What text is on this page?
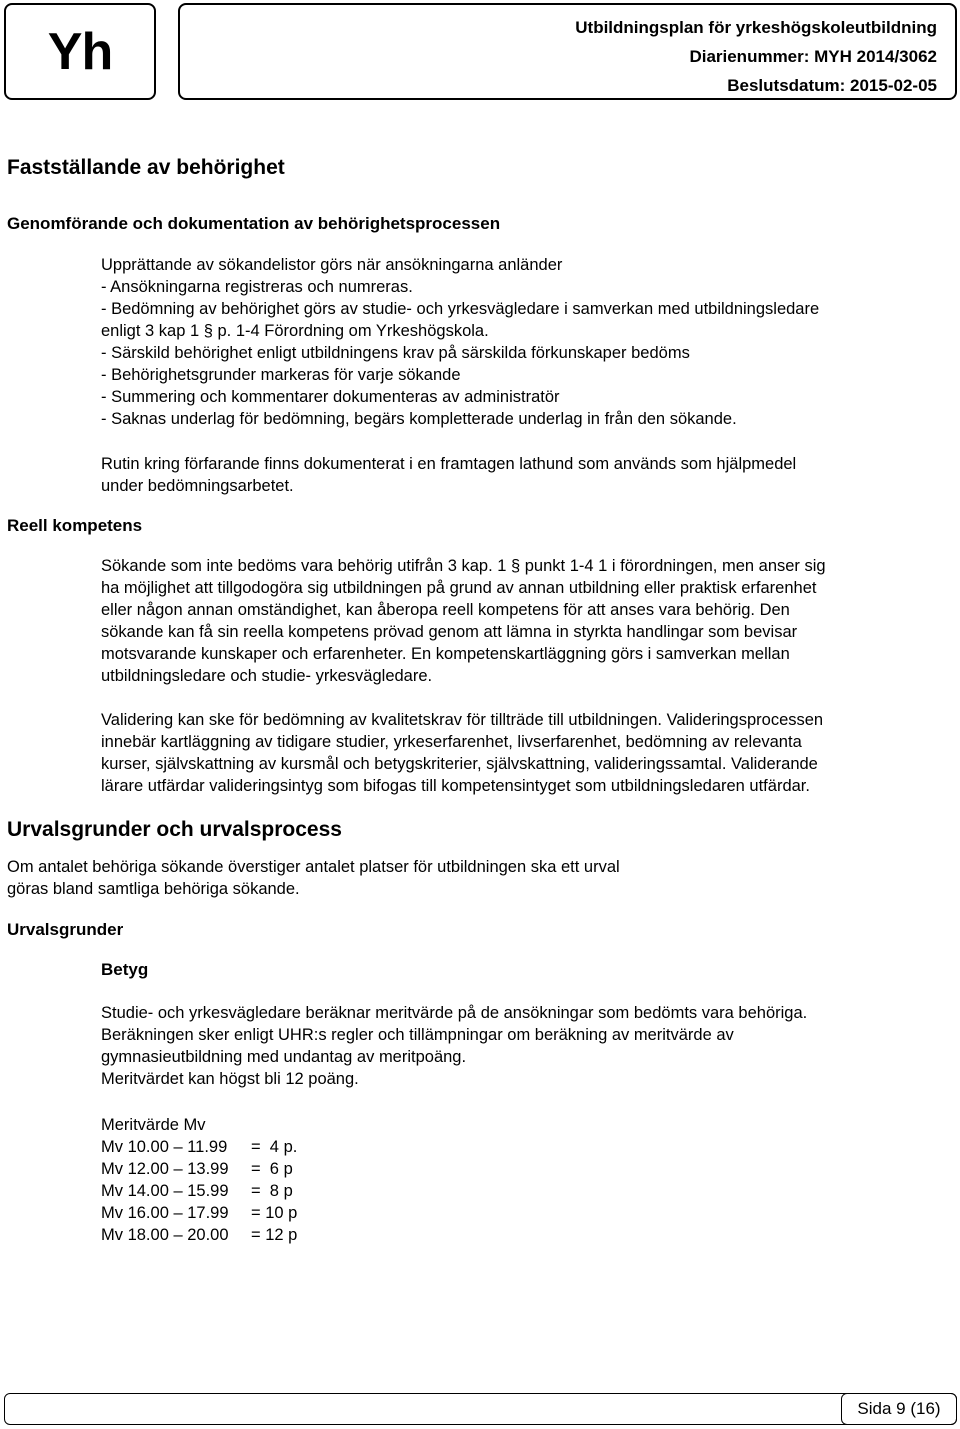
Yh	Utbildningsplan för yrkeshögskoleutbildning
Diarienummer: MYH 2014/3062
Beslutsdatum: 2015-02-05
Fastställande av behörighet
Genomförande och dokumentation av behörighetsprocessen
Upprättande av sökandelistor görs när ansökningarna anländer
- Ansökningarna registreras och numreras.
- Bedömning av behörighet görs av studie- och yrkesvägledare i samverkan med utbildningsledare
enligt 3 kap 1 § p. 1-4 Förordning om Yrkeshögskola.
- Särskild behörighet enligt utbildningens krav på särskilda förkunskaper bedöms
- Behörighetsgrunder markeras för varje sökande
- Summering och kommentarer dokumenteras av administratör
- Saknas underlag för bedömning, begärs kompletterade underlag in från den sökande.
Rutin kring förfarande finns dokumenterat i en framtagen lathund som används som hjälpmedel
under bedömningsarbetet.
Reell kompetens
Sökande som inte bedöms vara behörig utifrån 3 kap. 1 § punkt 1-4 1 i förordningen, men anser sig
ha möjlighet att tillgodogöra sig utbildningen på grund av annan utbildning eller praktisk erfarenhet
eller någon annan omständighet, kan åberopa reell kompetens för att anses vara behörig. Den
sökande kan få sin reella kompetens prövad genom att lämna in styrkta handlingar som bevisar
motsvarande kunskaper och erfarenheter. En kompetenskartläggning görs i samverkan mellan
utbildningsledare och studie- yrkesvägledare.
Validering kan ske för bedömning av kvalitetskrav för tillträde till utbildningen. Valideringsprocessen
innebär kartläggning av tidigare studier, yrkeserfarenhet, livserfarenhet, bedömning av relevanta
kurser, självskattning av kursmål och betygskriterier, självskattning, valideringssamtal. Validerande
lärare utfärdar valideringsintyg som bifogas till kompetensintyget som utbildningsledaren utfärdar.
Urvalsgrunder och urvalsprocess
Om antalet behöriga sökande överstiger antalet platser för utbildningen ska ett urval
göras bland samtliga behöriga sökande.
Urvalsgrunder
Betyg
Studie- och yrkesvägledare beräknar meritvärde på de ansökningar som bedömts vara behöriga.
Beräkningen sker enligt UHR:s regler och tillämpningar om beräkning av meritvärde av
gymnasieutbildning med undantag av meritpoäng.
Meritvärdet kan högst bli 12 poäng.
Meritvärde Mv
Mv 10.00 – 11.99	=  4 p.
Mv 12.00 – 13.99	=  6 p
Mv 14.00 – 15.99	=  8 p
Mv 16.00 – 17.99	= 10 p
Mv 18.00 – 20.00	= 12 p
Sida 9 (16)
